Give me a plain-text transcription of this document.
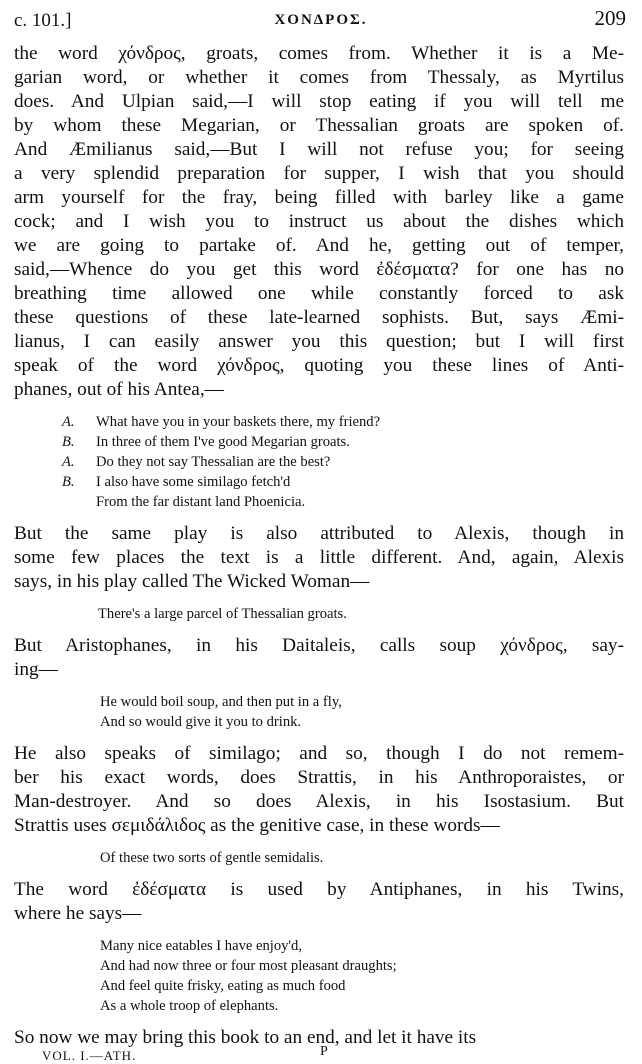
c. 101.]	ΧΟΝΔΡΟΣ.	209
the word χόνδρος, groats, comes from. Whether it is a Me-
garian word, or whether it comes from Thessaly, as Myrtilus
does. And Ulpian said,—I will stop eating if you will tell me
by whom these Megarian, or Thessalian groats are spoken of.
And Æmilianus said,—But I will not refuse you; for seeing
a very splendid preparation for supper, I wish that you should
arm yourself for the fray, being filled with barley like a game
cock; and I wish you to instruct us about the dishes which
we are going to partake of. And he, getting out of temper,
said,—Whence do you get this word ἐδέσματα? for one has no
breathing time allowed one while constantly forced to ask
these questions of these late-learned sophists. But, says Æmi-
lianus, I can easily answer you this question; but I will first
speak of the word χόνδρος, quoting you these lines of Anti-
phanes, out of his Antea,—
A. What have you in your baskets there, my friend?
B. In three of them I've good Megarian groats.
A. Do they not say Thessalian are the best?
B. I also have some similago fetch'd
From the far distant land Phoenicia.
But the same play is also attributed to Alexis, though in
some few places the text is a little different. And, again, Alexis
says, in his play called The Wicked Woman—
There's a large parcel of Thessalian groats.
But Aristophanes, in his Daitaleis, calls soup χόνδρος, say-
ing—
He would boil soup, and then put in a fly,
And so would give it you to drink.
He also speaks of similago; and so, though I do not remem-
ber his exact words, does Strattis, in his Anthroporaistes, or
Man-destroyer. And so does Alexis, in his Isostasium. But
Strattis uses σεμιδάλιδος as the genitive case, in these words—
Of these two sorts of gentle semidalis.
The word ἐδέσματα is used by Antiphanes, in his Twins,
where he says—
Many nice eatables I have enjoy'd,
And had now three or four most pleasant draughts;
And feel quite frisky, eating as much food
As a whole troop of elephants.
So now we may bring this book to an end, and let it have its
VOL. I.—ATH.	P
